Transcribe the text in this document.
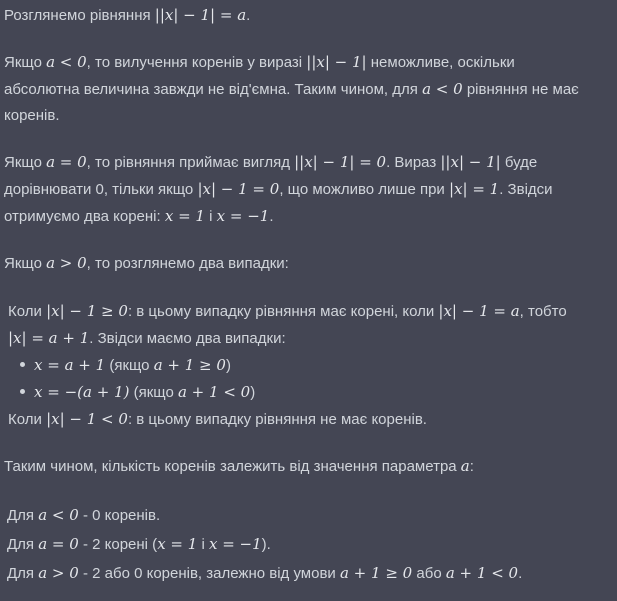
Розглянемо рівняння ||x| − 1| = a.

Якщо a < 0, то вилучення коренів у виразі ||x| − 1| неможливе, оскільки
абсолютна величина завжди не від'ємна. Таким чином, для a < 0 рівняння не має
коренів.

Якщо a = 0, то рівняння приймає вигляд ||x| − 1| = 0. Вираз ||x| − 1| буде
дорівнювати 0, тільки якщо |x| − 1 = 0, що можливо лише при |x| = 1. Звідси
отримуємо два корені: x = 1 і x = −1.

Якщо a > 0, то розглянемо два випадки:

Коли |x| − 1 ≥ 0: в цьому випадку рівняння має корені, коли |x| − 1 = a, тобто
|x| = a + 1. Звідси маємо два випадки:

x = a + 1 (якщо a + 1 ≥ 0)
x = −(a + 1) (якщо a + 1 < 0)

Коли |x| − 1 < 0: в цьому випадку рівняння не має коренів.

Таким чином, кількість коренів залежить від значення параметра a:

Для a < 0 - 0 коренів.
Для a = 0 - 2 корені (x = 1 і x = −1).
Для a > 0 - 2 або 0 коренів, залежно від умови a + 1 ≥ 0 або a + 1 < 0.
